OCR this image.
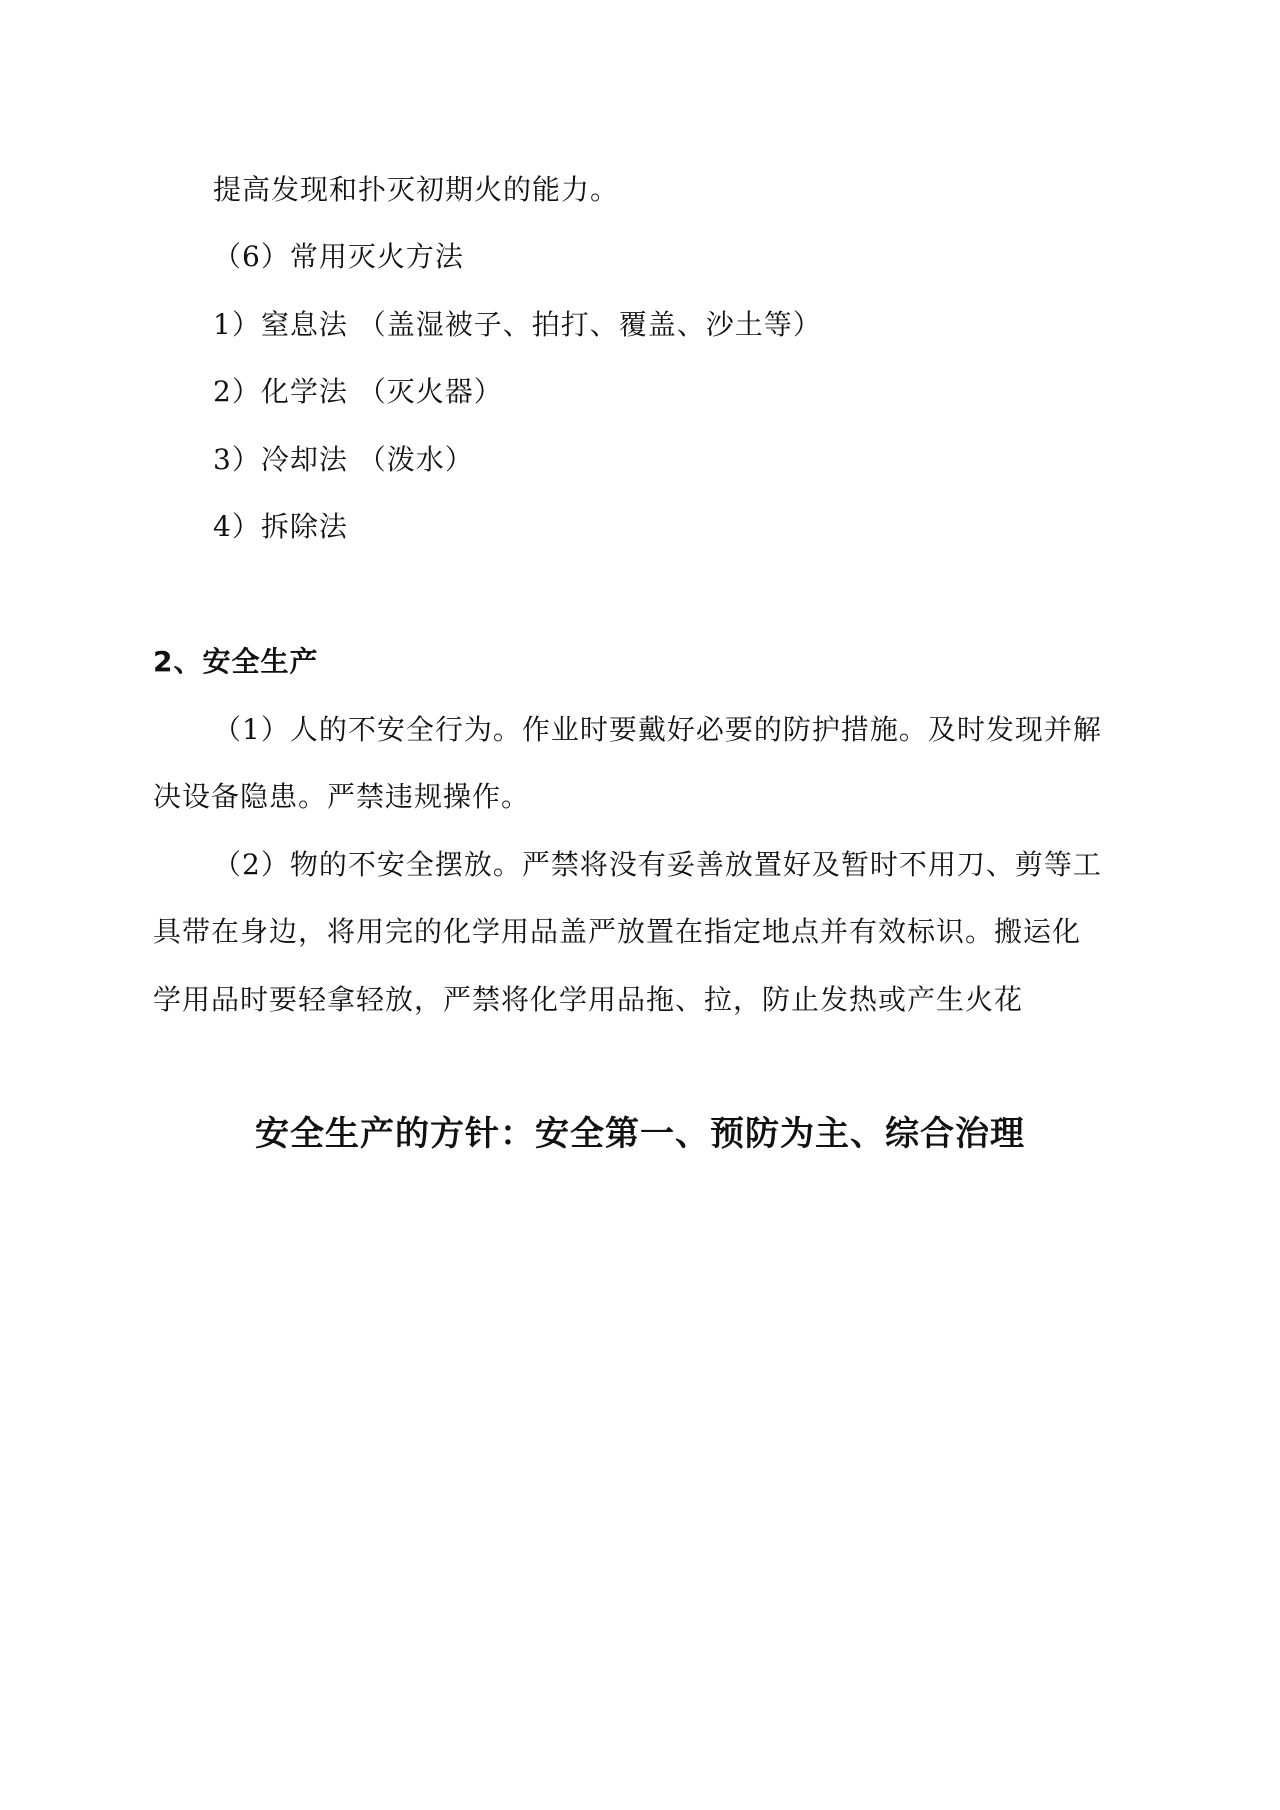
提高发现和扑灭初期火的能力。
（6）常用灭火方法
1）窒息法 （盖湿被子、拍打、覆盖、沙土等）
2）化学法 （灭火器）
3）冷却法 （泼水）
4）拆除法
2、安全生产
（1）人的不安全行为。作业时要戴好必要的防护措施。及时发现并解
决设备隐患。严禁违规操作。
（2）物的不安全摆放。严禁将没有妥善放置好及暂时不用刀、剪等工
具带在身边，将用完的化学用品盖严放置在指定地点并有效标识。搬运化
学用品时要轻拿轻放，严禁将化学用品拖、拉，防止发热或产生火花
安全生产的方针：安全第一、预防为主、综合治理
